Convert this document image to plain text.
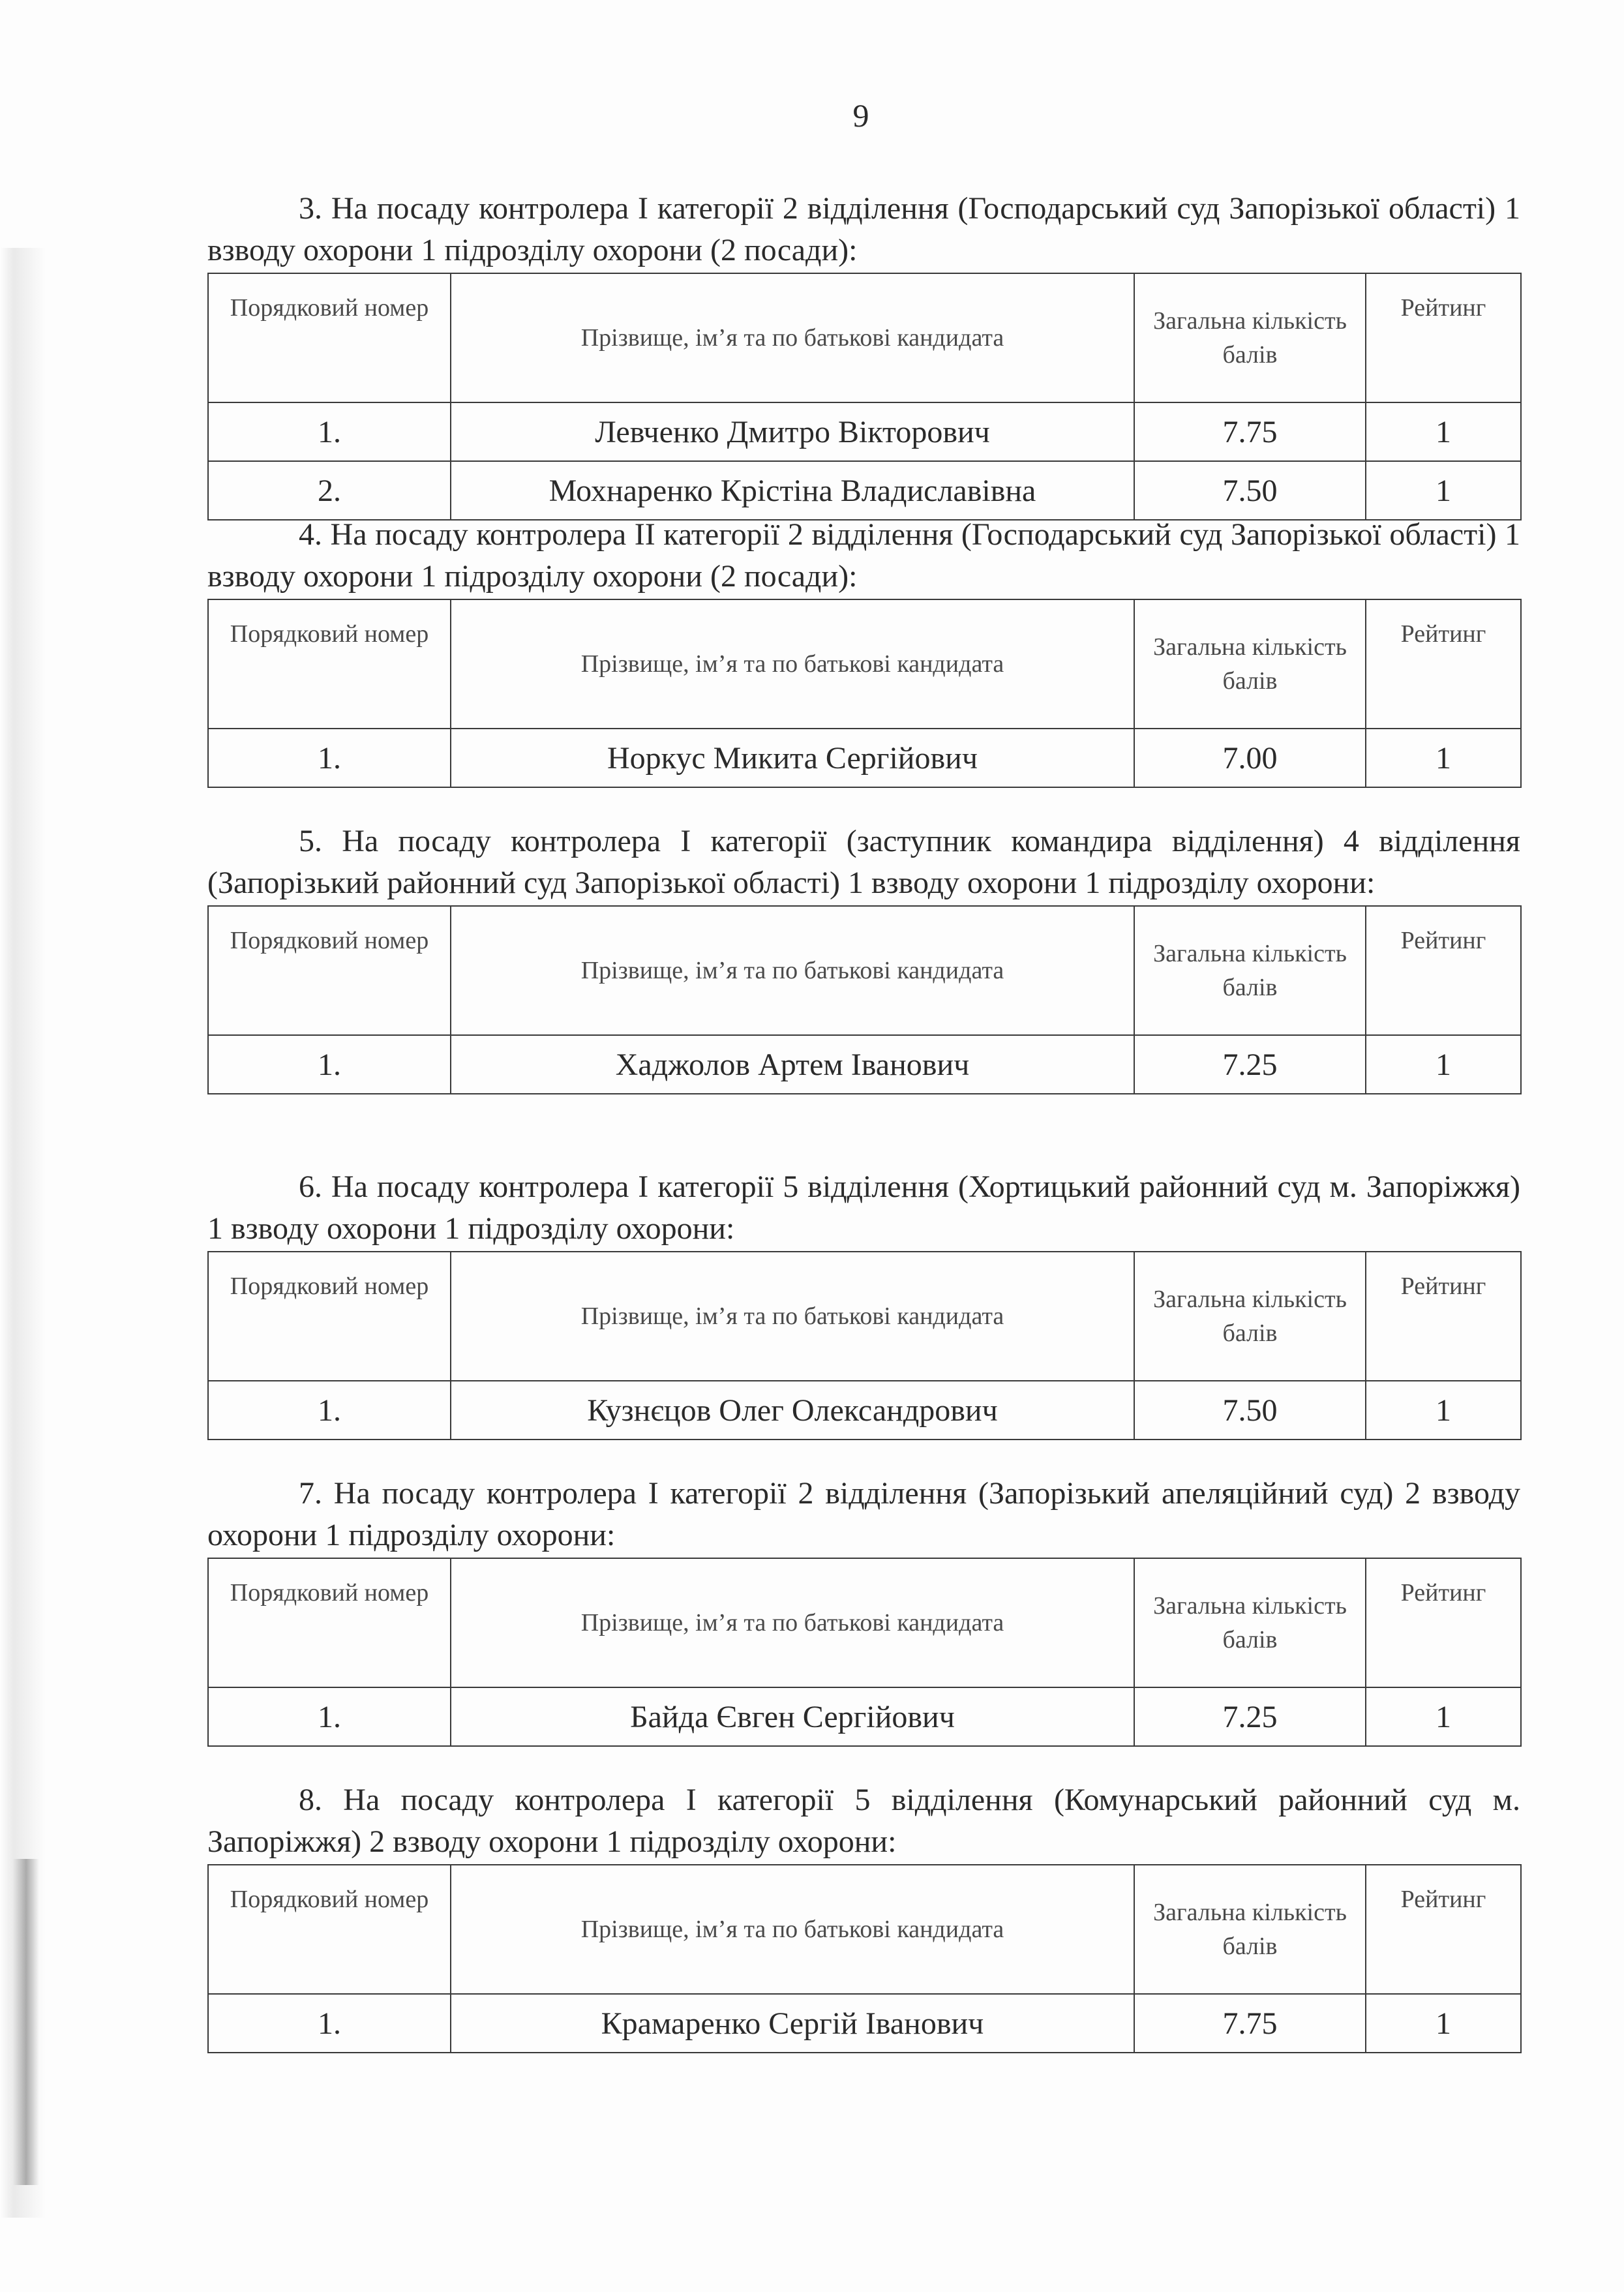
9

3. На посаду контролера І категорії 2 відділення (Господарський суд Запорізької області) 1 взводу охорони 1 підрозділу охорони (2 посади):

Порядковий номер	Прізвище, ім’я та по батькові кандидата	Загальна кількість балів	Рейтинг
1.	Левченко Дмитро Вікторович	7.75	1
2.	Мохнаренко Крістіна Владиславівна	7.50	1

4. На посаду контролера ІІ категорії 2 відділення (Господарський суд Запорізької області) 1 взводу охорони 1 підрозділу охорони (2 посади):

Порядковий номер	Прізвище, ім’я та по батькові кандидата	Загальна кількість балів	Рейтинг
1.	Норкус Микита Сергійович	7.00	1

5. На посаду контролера І категорії (заступник командира відділення) 4 відділення (Запорізький районний суд Запорізької області) 1 взводу охорони 1 підрозділу охорони:

Порядковий номер	Прізвище, ім’я та по батькові кандидата	Загальна кількість балів	Рейтинг
1.	Хаджолов Артем Іванович	7.25	1

6. На посаду контролера І категорії 5 відділення (Хортицький районний суд м. Запоріжжя) 1 взводу охорони 1 підрозділу охорони:

Порядковий номер	Прізвище, ім’я та по батькові кандидата	Загальна кількість балів	Рейтинг
1.	Кузнєцов Олег Олександрович	7.50	1

7. На посаду контролера І категорії 2 відділення (Запорізький апеляційний суд) 2 взводу охорони 1 підрозділу охорони:

Порядковий номер	Прізвище, ім’я та по батькові кандидата	Загальна кількість балів	Рейтинг
1.	Байда Євген Сергійович	7.25	1

8. На посаду контролера І категорії 5 відділення (Комунарський районний суд м. Запоріжжя) 2 взводу охорони 1 підрозділу охорони:

Порядковий номер	Прізвище, ім’я та по батькові кандидата	Загальна кількість балів	Рейтинг
1.	Крамаренко Сергій Іванович	7.75	1
